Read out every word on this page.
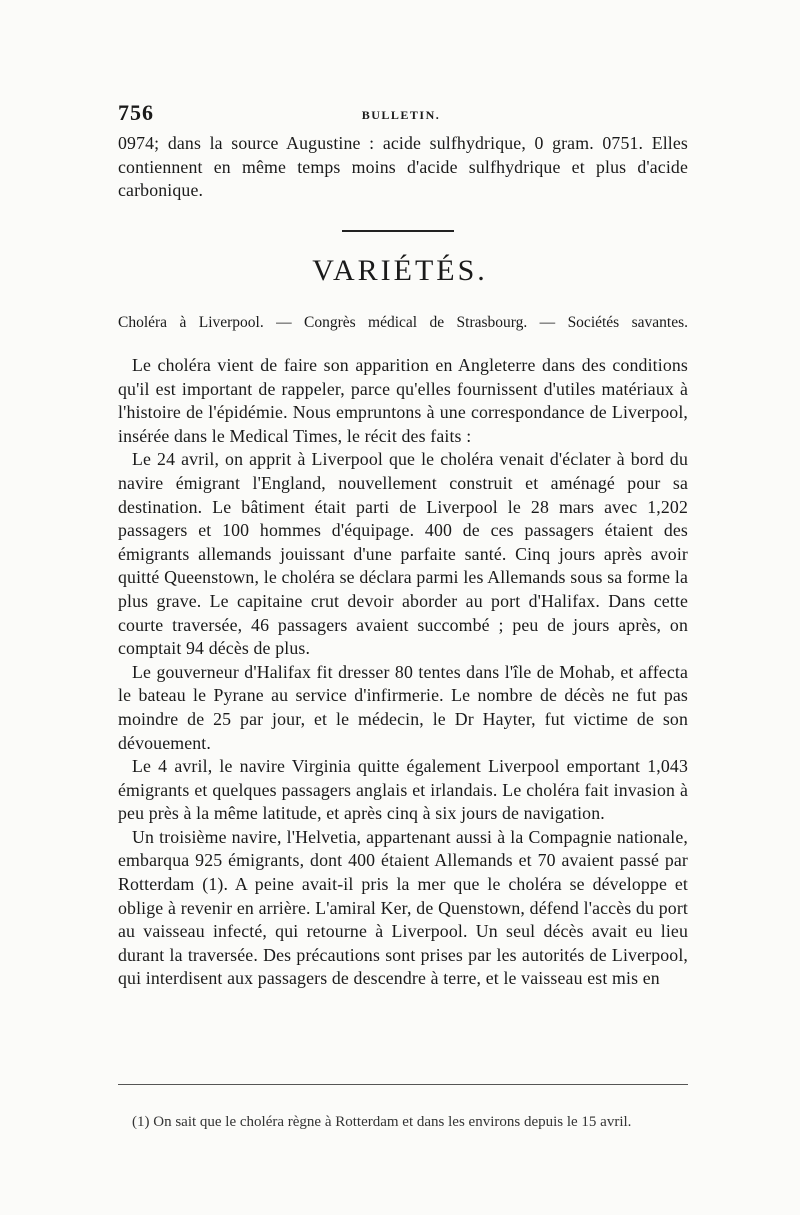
756	BULLETIN.
0974; dans la source Augustine : acide sulfhydrique, 0 gram. 0751. Elles contiennent en même temps moins d'acide sulfhydrique et plus d'acide carbonique.
VARIÉTÉS.
Choléra à Liverpool. — Congrès médical de Strasbourg. — Sociétés savantes.

Le choléra vient de faire son apparition en Angleterre dans des conditions qu'il est important de rappeler, parce qu'elles fournissent d'utiles matériaux à l'histoire de l'épidémie. Nous empruntons à une correspondance de Liverpool, insérée dans le Medical Times, le récit des faits :

Le 24 avril, on apprit à Liverpool que le choléra venait d'éclater à bord du navire émigrant l'England, nouvellement construit et aménagé pour sa destination. Le bâtiment était parti de Liverpool le 28 mars avec 1,202 passagers et 100 hommes d'équipage. 400 de ces passagers étaient des émigrants allemands jouissant d'une parfaite santé. Cinq jours après avoir quitté Queenstown, le choléra se déclara parmi les Allemands sous sa forme la plus grave. Le capitaine crut devoir aborder au port d'Halifax. Dans cette courte traversée, 46 passagers avaient succombé ; peu de jours après, on comptait 94 décès de plus.

Le gouverneur d'Halifax fit dresser 80 tentes dans l'île de Mohab, et affecta le bateau le Pyrane au service d'infirmerie. Le nombre de décès ne fut pas moindre de 25 par jour, et le médecin, le Dr Hayter, fut victime de son dévouement.

Le 4 avril, le navire Virginia quitte également Liverpool emportant 1,043 émigrants et quelques passagers anglais et irlandais. Le choléra fait invasion à peu près à la même latitude, et après cinq à six jours de navigation.

Un troisième navire, l'Helvetia, appartenant aussi à la Compagnie nationale, embarqua 925 émigrants, dont 400 étaient Allemands et 70 avaient passé par Rotterdam (1). A peine avait-il pris la mer que le choléra se développe et oblige à revenir en arrière. L'amiral Ker, de Quenstown, défend l'accès du port au vaisseau infecté, qui retourne à Liverpool. Un seul décès avait eu lieu durant la traversée. Des précautions sont prises par les autorités de Liverpool, qui interdisent aux passagers de descendre à terre, et le vaisseau est mis en

(1) On sait que le choléra règne à Rotterdam et dans les environs depuis le 15 avril.
